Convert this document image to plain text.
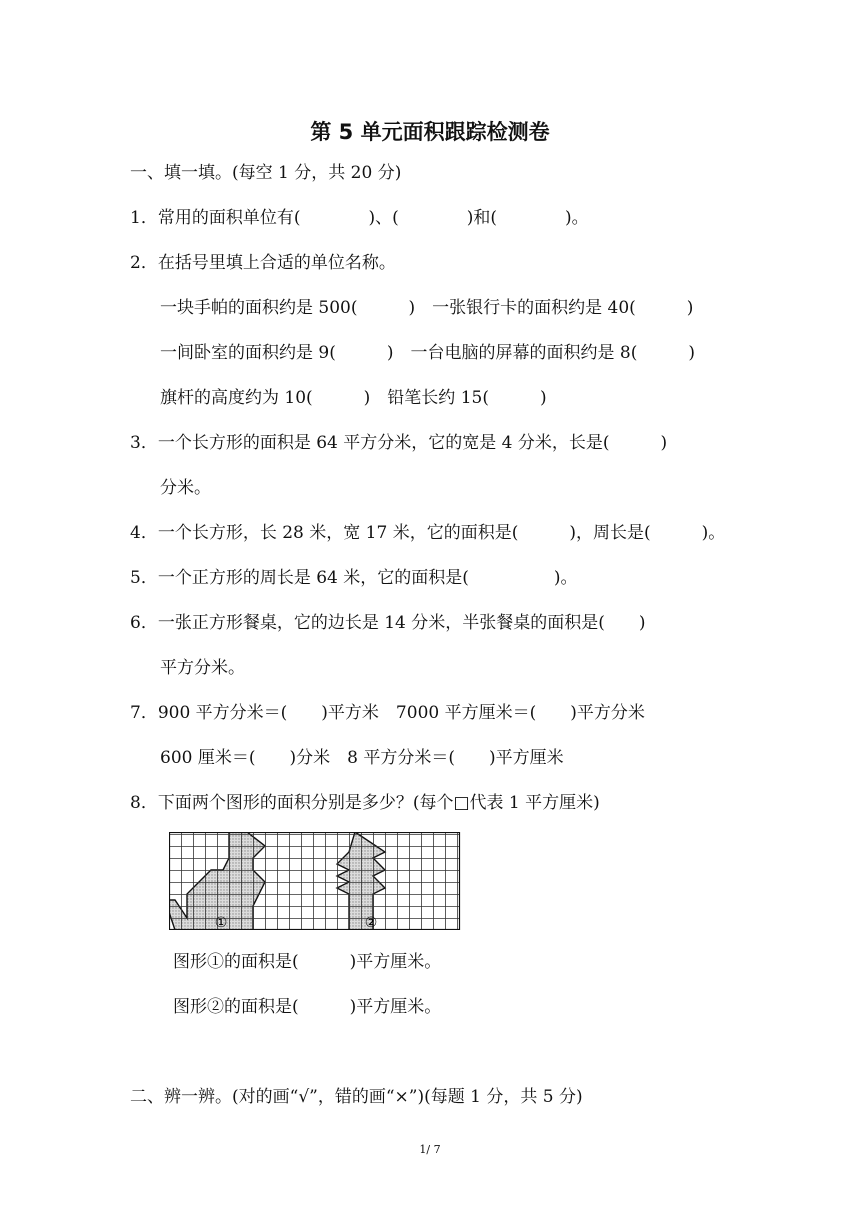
第 5 单元面积跟踪检测卷
一、填一填。(每空 1 分，共 20 分)
1．常用的面积单位有(　　　　)、(　　　　)和(　　　　)。
2．在括号里填上合适的单位名称。
一块手帕的面积约是 500(　　　)　一张银行卡的面积约是 40(　　　)
一间卧室的面积约是 9(　　　)　一台电脑的屏幕的面积约是 8(　　　)
旗杆的高度约为 10(　　　)　铅笔长约 15(　　　)
3．一个长方形的面积是 64 平方分米，它的宽是 4 分米，长是(　　　)
分米。
4．一个长方形，长 28 米，宽 17 米，它的面积是(　　　)，周长是(　　　)。
5．一个正方形的周长是 64 米，它的面积是(　　　　　)。
6．一张正方形餐桌，它的边长是 14 分米，半张餐桌的面积是(　　)
平方分米。
7．900 平方分米＝(　　)平方米　7000 平方厘米＝(　　)平方分米
600 厘米＝(　　)分米　8 平方分米＝(　　)平方厘米
8．下面两个图形的面积分别是多少？(每个□代表 1 平方厘米)
①	②
图形①的面积是(　　　)平方厘米。
图形②的面积是(　　　)平方厘米。
二、辨一辨。(对的画“√”，错的画“×”)(每题 1 分，共 5 分)
1/ 7
